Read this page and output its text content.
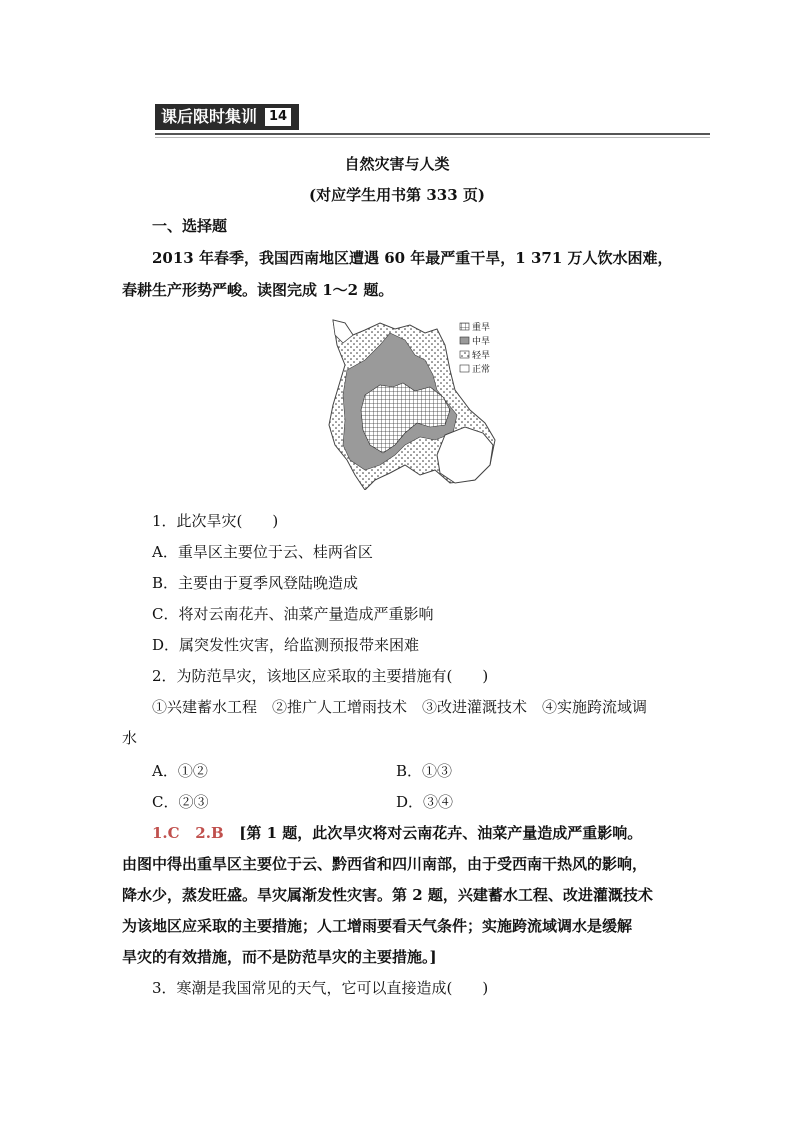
课后限时集训 14
自然灾害与人类
(对应学生用书第 333 页)
一、选择题
2013 年春季，我国西南地区遭遇 60 年最严重干旱，1 371 万人饮水困难，
春耕生产形势严峻。读图完成 1～2 题。
重旱
中旱
轻旱
正常
1．此次旱灾(　　)
A．重旱区主要位于云、桂两省区
B．主要由于夏季风登陆晚造成
C．将对云南花卉、油菜产量造成严重影响
D．属突发性灾害，给监测预报带来困难
2．为防范旱灾，该地区应采取的主要措施有(　　)
①兴建蓄水工程　②推广人工增雨技术　③改进灌溉技术　④实施跨流域调
水
A．①②	B．①③
C．②③	D．③④
1.C 2.B [第 1 题，此次旱灾将对云南花卉、油菜产量造成严重影响。
由图中得出重旱区主要位于云、黔西省和四川南部，由于受西南干热风的影响，
降水少，蒸发旺盛。旱灾属渐发性灾害。第 2 题，兴建蓄水工程、改进灌溉技术
为该地区应采取的主要措施；人工增雨要看天气条件；实施跨流域调水是缓解
旱灾的有效措施，而不是防范旱灾的主要措施。]
3．寒潮是我国常见的天气，它可以直接造成(　　)
